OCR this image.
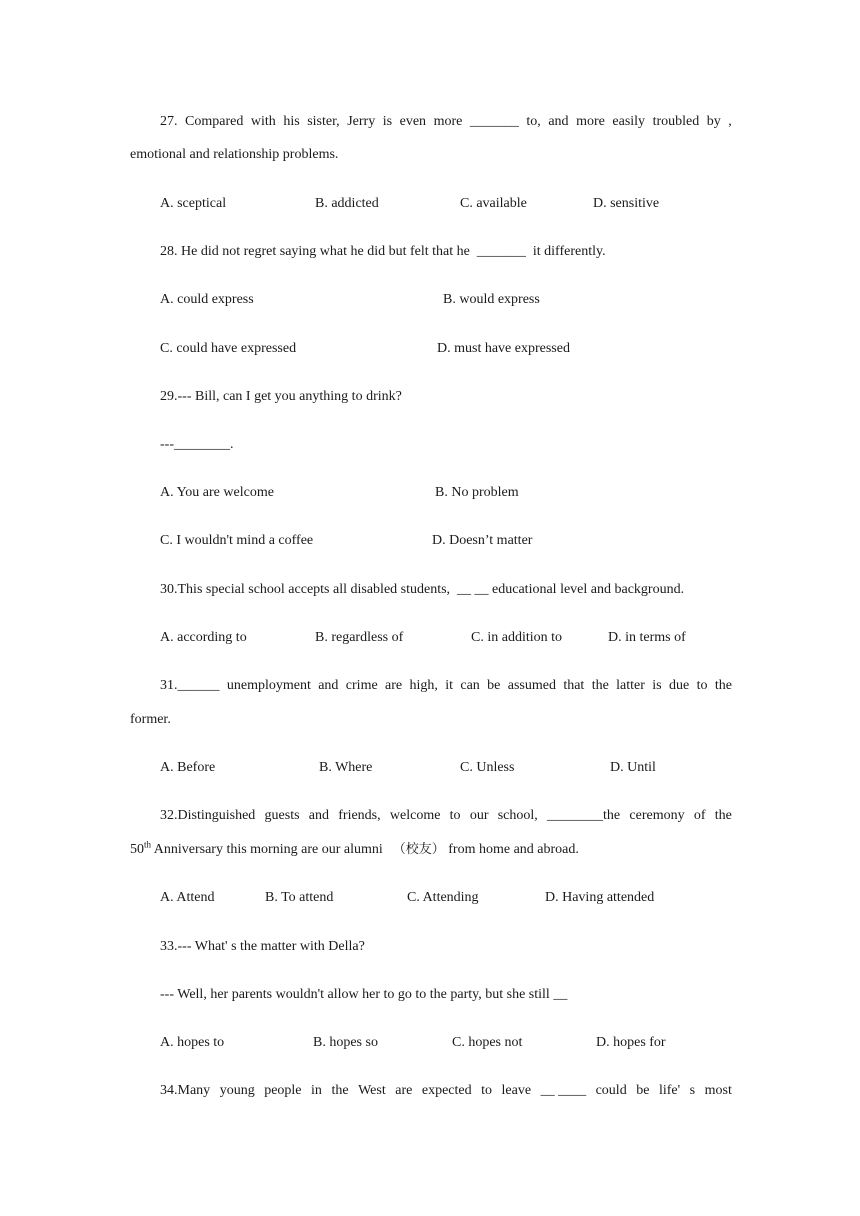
27. Compared with his sister, Jerry is even more _______ to, and more easily troubled by ,
emotional and relationship problems.
A. sceptical	B. addicted	C. available	D. sensitive
28. He did not regret saying what he did but felt that he  _______  it differently.
A. could express	B. would express
C. could have expressed	D. must have expressed
29.--- Bill, can I get you anything to drink?
---________.
A. You are welcome	B. No problem
C. I wouldn't mind a coffee	D. Doesn’t matter
30.This special school accepts all disabled students,  __ __ educational level and background.
A. according to	B. regardless of	C. in addition to	D. in terms of
31.______ unemployment and crime are high, it can be assumed that the latter is due to the
former.
A. Before	B. Where	C. Unless	D. Until
32.Distinguished guests and friends, welcome to our school, ________the ceremony of the
50th Anniversary this morning are our alumni （校友） from home and abroad.
A. Attend	B. To attend	C. Attending	D. Having attended
33.--- What' s the matter with Della?
--- Well, her parents wouldn't allow her to go to the party, but she still __
A. hopes to	B. hopes so	C. hopes not	D. hopes for
34.Many young people in the West are expected to leave __ ____ could be life' s most
